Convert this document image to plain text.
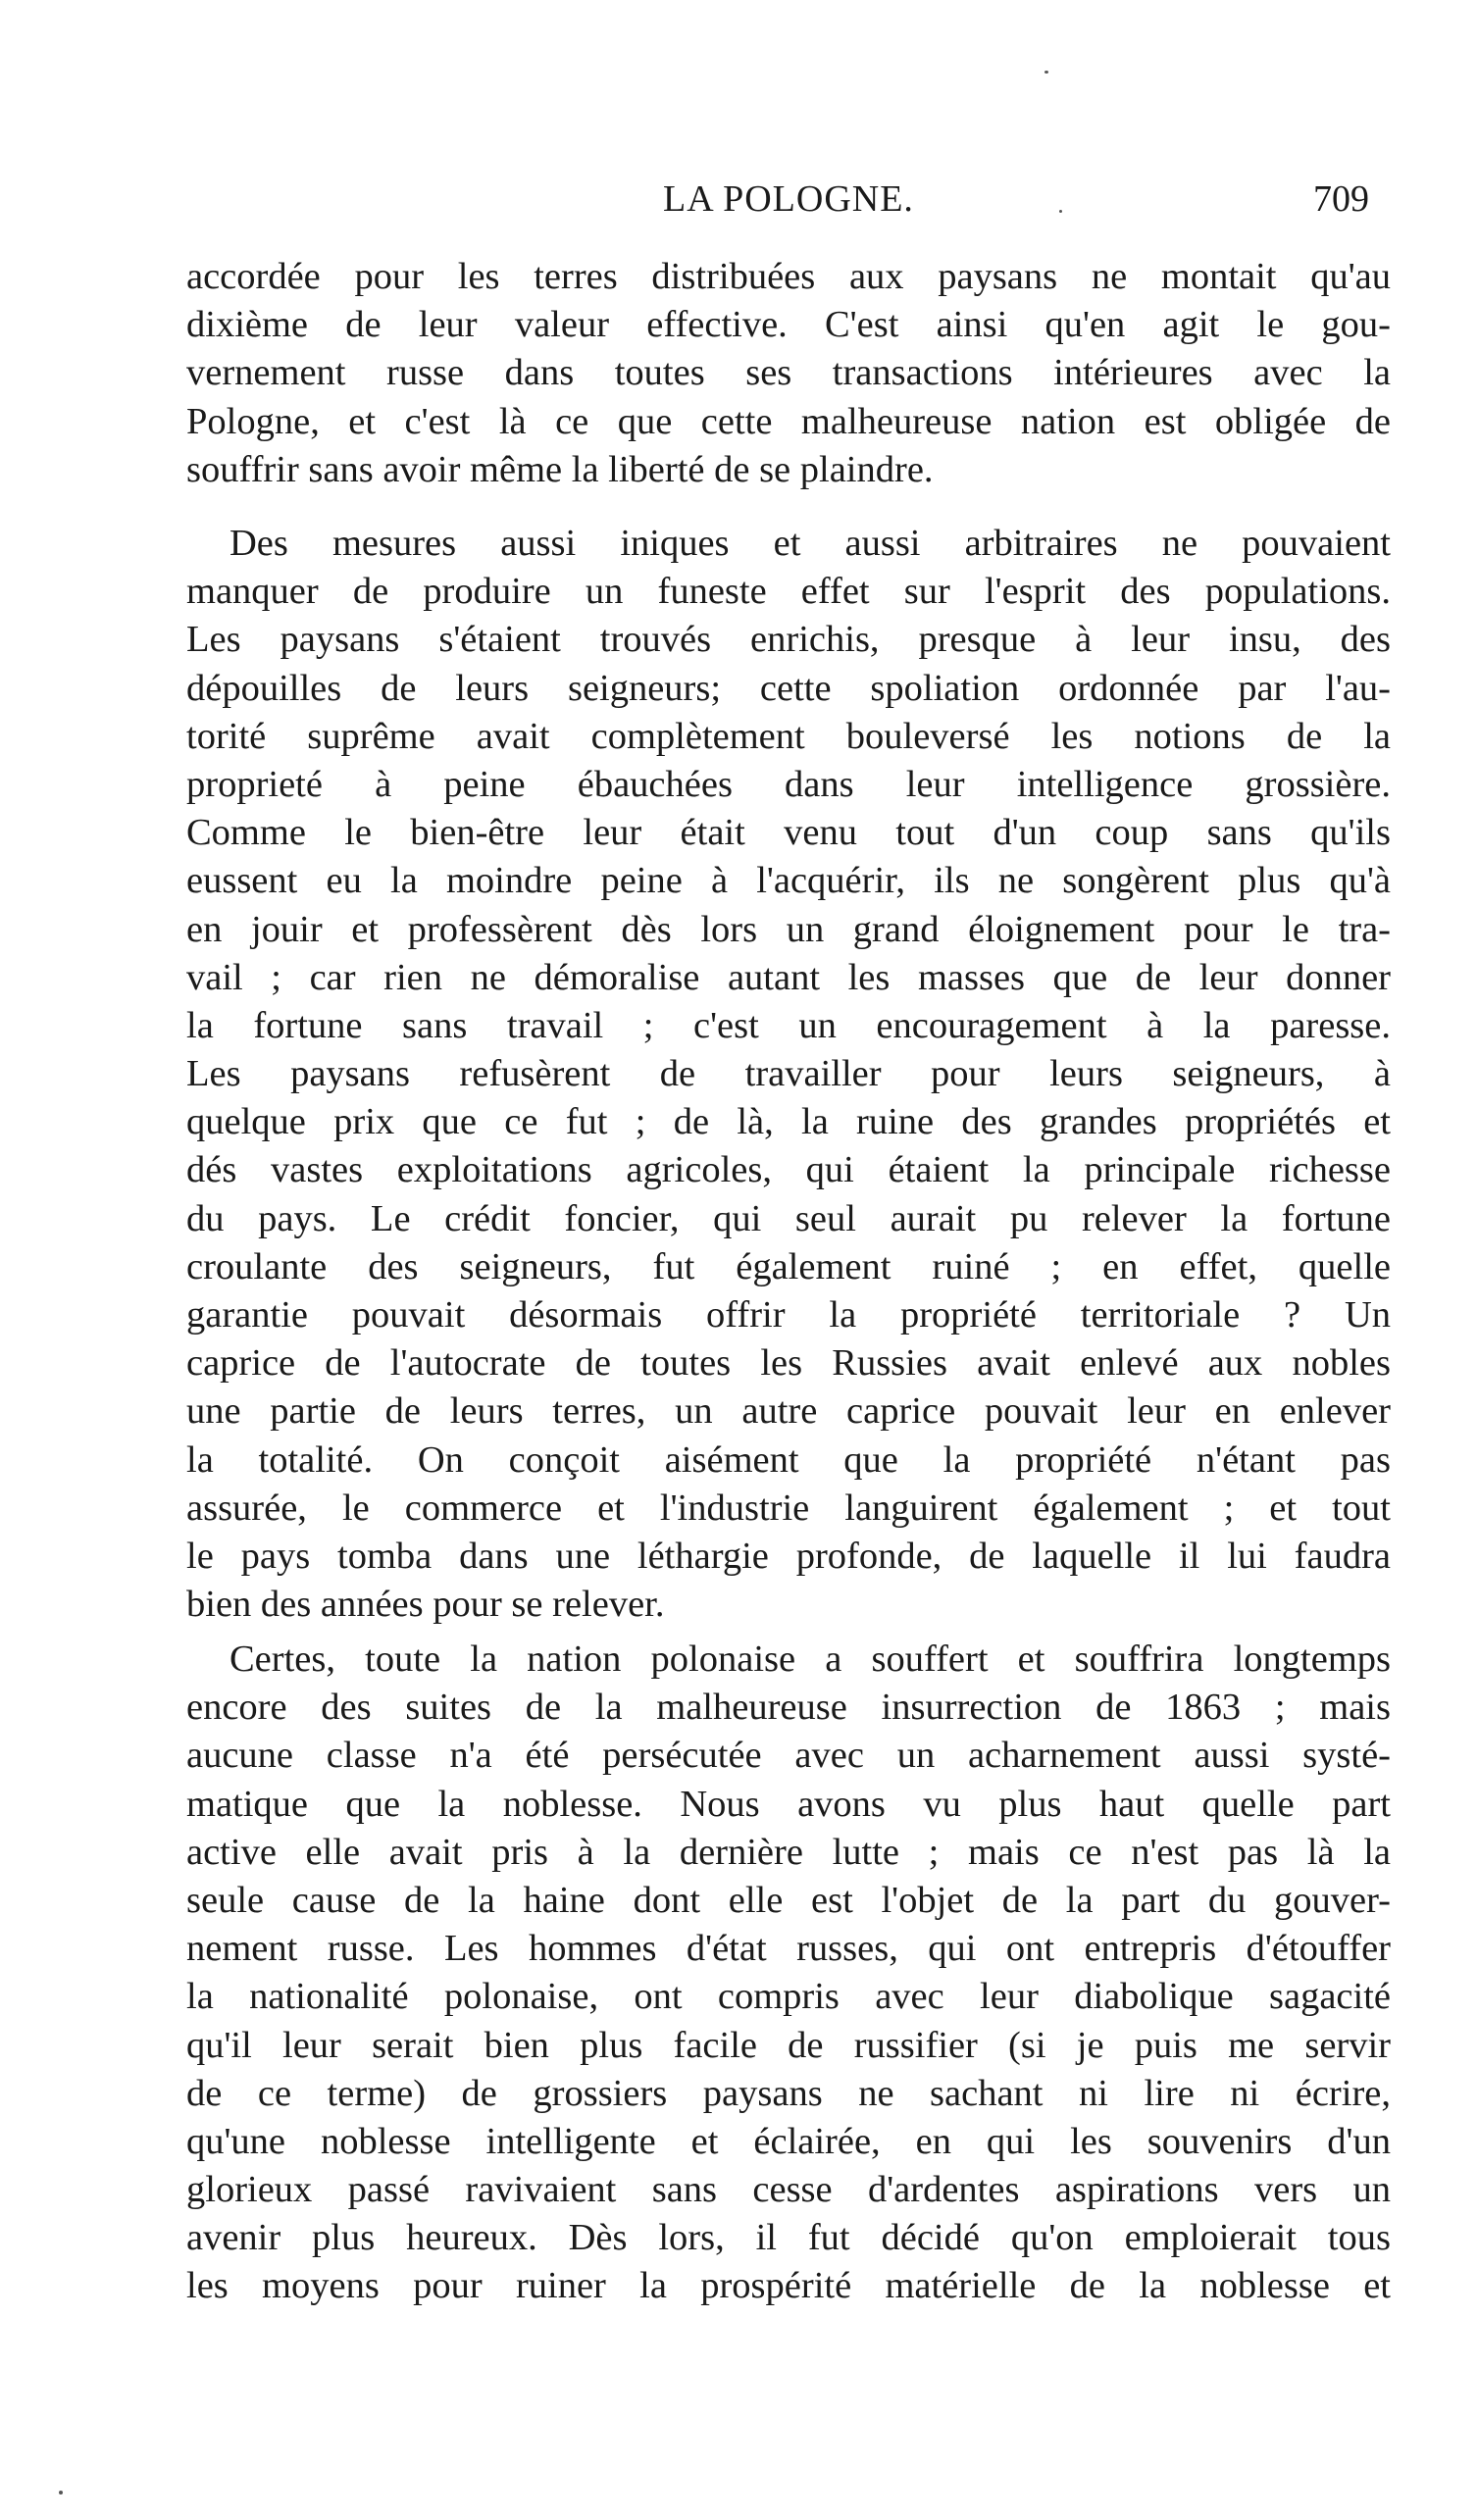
LA POLOGNE.	709
accordée pour les terres distribuées aux paysans ne montait qu'au
dixième de leur valeur effective. C'est ainsi qu'en agit le gou-
vernement russe dans toutes ses transactions intérieures avec la
Pologne, et c'est là ce que cette malheureuse nation est obligée de
souffrir sans avoir même la liberté de se plaindre.
Des mesures aussi iniques et aussi arbitraires ne pouvaient
manquer de produire un funeste effet sur l'esprit des populations.
Les paysans s'étaient trouvés enrichis, presque à leur insu, des
dépouilles de leurs seigneurs; cette spoliation ordonnée par l'au-
torité suprême avait complètement bouleversé les notions de la
proprieté à peine ébauchées dans leur intelligence grossière.
Comme le bien-être leur était venu tout d'un coup sans qu'ils
eussent eu la moindre peine à l'acquérir, ils ne songèrent plus qu'à
en jouir et professèrent dès lors un grand éloignement pour le tra-
vail ; car rien ne démoralise autant les masses que de leur donner
la fortune sans travail ; c'est un encouragement à la paresse.
Les paysans refusèrent de travailler pour leurs seigneurs, à
quelque prix que ce fut ; de là, la ruine des grandes propriétés et
dés vastes exploitations agricoles, qui étaient la principale richesse
du pays. Le crédit foncier, qui seul aurait pu relever la fortune
croulante des seigneurs, fut également ruiné ; en effet, quelle
garantie pouvait désormais offrir la propriété territoriale ? Un
caprice de l'autocrate de toutes les Russies avait enlevé aux nobles
une partie de leurs terres, un autre caprice pouvait leur en enlever
la totalité. On conçoit aisément que la propriété n'étant pas
assurée, le commerce et l'industrie languirent également ; et tout
le pays tomba dans une léthargie profonde, de laquelle il lui faudra
bien des années pour se relever.
Certes, toute la nation polonaise a souffert et souffrira longtemps
encore des suites de la malheureuse insurrection de 1863 ; mais
aucune classe n'a été persécutée avec un acharnement aussi systé-
matique que la noblesse. Nous avons vu plus haut quelle part
active elle avait pris à la dernière lutte ; mais ce n'est pas là la
seule cause de la haine dont elle est l'objet de la part du gouver-
nement russe. Les hommes d'état russes, qui ont entrepris d'étouffer
la nationalité polonaise, ont compris avec leur diabolique sagacité
qu'il leur serait bien plus facile de russifier (si je puis me servir
de ce terme) de grossiers paysans ne sachant ni lire ni écrire,
qu'une noblesse intelligente et éclairée, en qui les souvenirs d'un
glorieux passé ravivaient sans cesse d'ardentes aspirations vers un
avenir plus heureux. Dès lors, il fut décidé qu'on emploierait tous
les moyens pour ruiner la prospérité matérielle de la noblesse et
